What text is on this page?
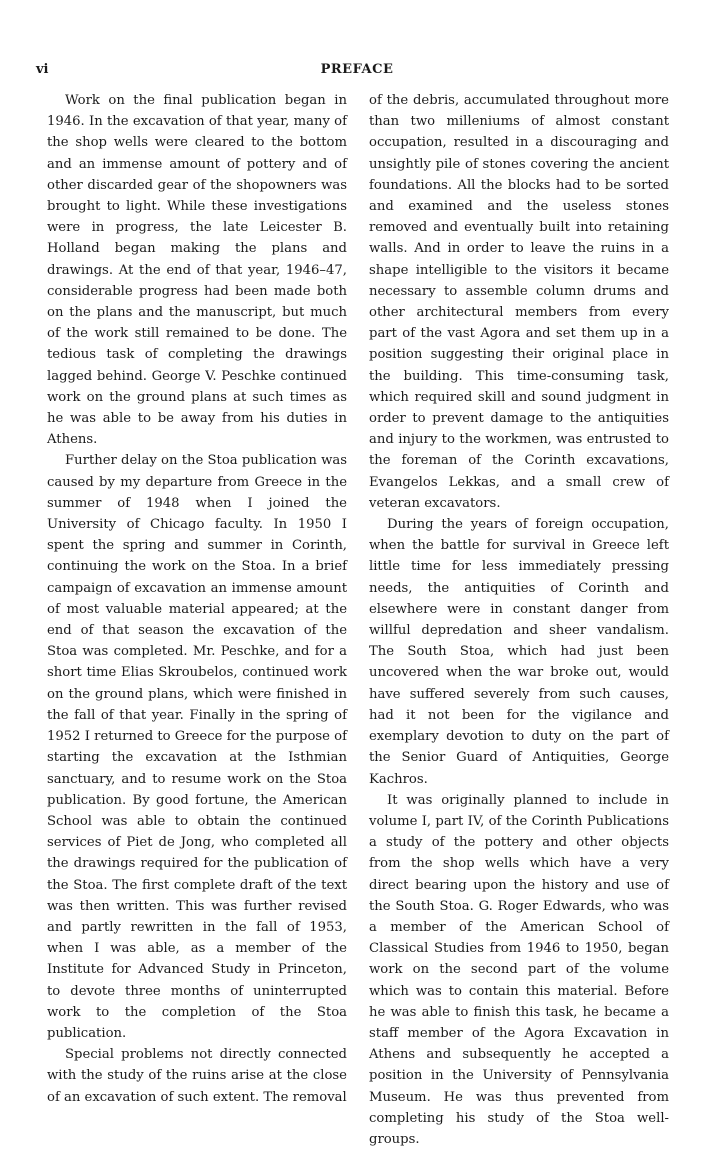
vi	PREFACE

Work on the final publication began in 1946. In the excavation of that year, many of the shop wells were cleared to the bottom and an immense amount of pottery and of other discarded gear of the shopowners was brought to light. While these investigations were in progress, the late Leicester B. Holland began making the plans and drawings. At the end of that year, 1946–47, considerable progress had been made both on the plans and the manuscript, but much of the work still remained to be done. The tedious task of completing the drawings lagged behind. George V. Peschke continued work on the ground plans at such times as he was able to be away from his duties in Athens.

Further delay on the Stoa publication was caused by my departure from Greece in the summer of 1948 when I joined the University of Chicago faculty. In 1950 I spent the spring and summer in Corinth, continuing the work on the Stoa. In a brief campaign of excavation an immense amount of most valuable material appeared; at the end of that season the excavation of the Stoa was completed. Mr. Peschke, and for a short time Elias Skroubelos, continued work on the ground plans, which were finished in the fall of that year. Finally in the spring of 1952 I returned to Greece for the purpose of starting the excavation at the Isthmian sanctuary, and to resume work on the Stoa publication. By good fortune, the American School was able to obtain the continued services of Piet de Jong, who completed all the drawings required for the publication of the Stoa. The first complete draft of the text was then written. This was further revised and partly rewritten in the fall of 1953, when I was able, as a member of the Institute for Advanced Study in Princeton, to devote three months of uninterrupted work to the completion of the Stoa publication.

Special problems not directly connected with the study of the ruins arise at the close of an excavation of such extent. The removal

of the debris, accumulated throughout more than two milleniums of almost constant occupation, resulted in a discouraging and unsightly pile of stones covering the ancient foundations. All the blocks had to be sorted and examined and the useless stones removed and eventually built into retaining walls. And in order to leave the ruins in a shape intelligible to the visitors it became necessary to assemble column drums and other architectural members from every part of the vast Agora and set them up in a position suggesting their original place in the building. This time-consuming task, which required skill and sound judgment in order to prevent damage to the antiquities and injury to the workmen, was entrusted to the foreman of the Corinth excavations, Evangelos Lekkas, and a small crew of veteran excavators.

During the years of foreign occupation, when the battle for survival in Greece left little time for less immediately pressing needs, the antiquities of Corinth and elsewhere were in constant danger from willful depredation and sheer vandalism. The South Stoa, which had just been uncovered when the war broke out, would have suffered severely from such causes, had it not been for the vigilance and exemplary devotion to duty on the part of the Senior Guard of Antiquities, George Kachros.

It was originally planned to include in volume I, part IV, of the Corinth Publications a study of the pottery and other objects from the shop wells which have a very direct bearing upon the history and use of the South Stoa. G. Roger Edwards, who was a member of the American School of Classical Studies from 1946 to 1950, began work on the second part of the volume which was to contain this material. Before he was able to finish this task, he became a staff member of the Agora Excavation in Athens and subsequently he accepted a position in the University of Pennsylvania Museum. He was thus prevented from completing his study of the Stoa well-groups.
